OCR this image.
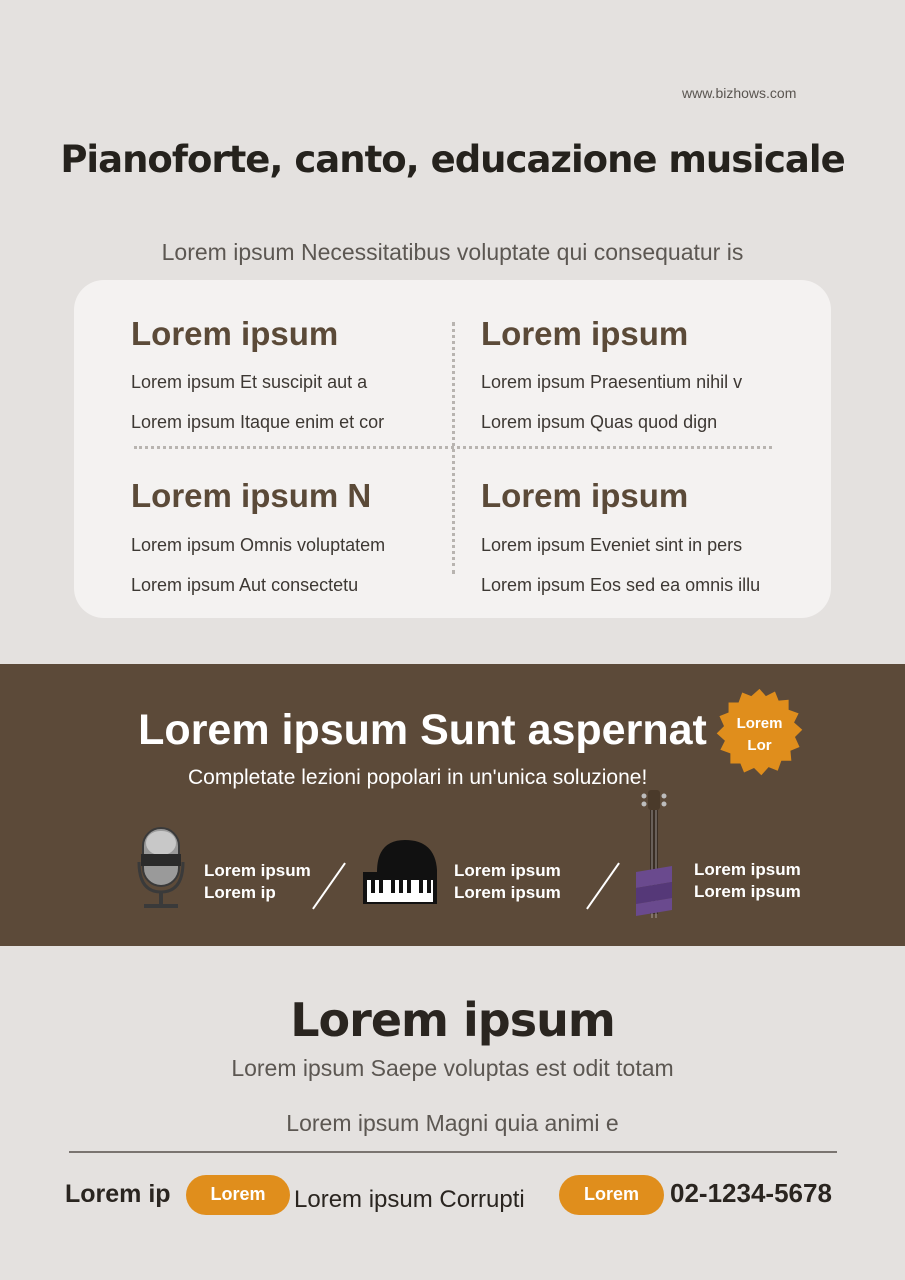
www.bizhows.com
Pianoforte, canto, educazione musicale
Lorem ipsum Necessitatibus voluptate qui consequatur is
Lorem ipsum
Lorem ipsum Et suscipit aut a
Lorem ipsum Itaque enim et cor
Lorem ipsum
Lorem ipsum Praesentium nihil v
Lorem ipsum Quas quod dign
Lorem ipsum N
Lorem ipsum Omnis voluptatem
Lorem ipsum Aut consectetu
Lorem ipsum
Lorem ipsum Eveniet sint in pers
Lorem ipsum Eos sed ea omnis illu
Lorem ipsum Sunt aspernat
Completate lezioni popolari in un'unica soluzione!
Lorem
Lor
Lorem ipsum
Lorem ip
Lorem ipsum
Lorem ipsum
Lorem ipsum
Lorem ipsum
Lorem ipsum
Lorem ipsum Saepe voluptas est odit totam
Lorem ipsum Magni quia animi e
Lorem ip	Lorem	Lorem ipsum Corrupti	Lorem	02-1234-5678
